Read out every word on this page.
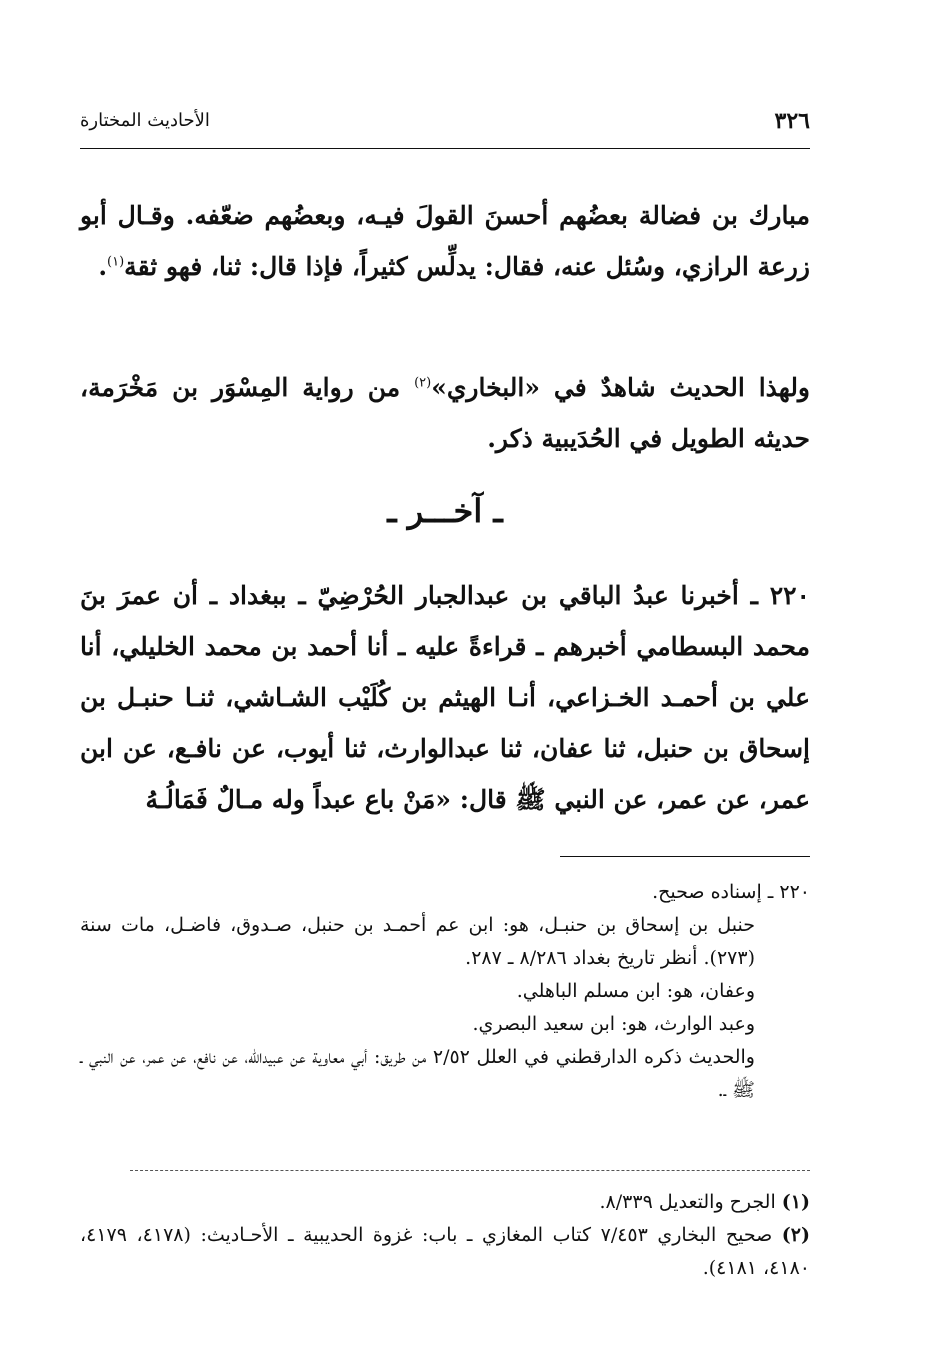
٣٢٦
الأحاديث المختارة
مبارك بن فضالة بعضُهم أحسنَ القولَ فيـه، وبعضُهم ضعّفه. وقـال أبو زرعة الرازي، وسُئل عنه، فقال: يدلِّس كثيراً، فإذا قال: ثنا، فهو ثقة$^{(١)}$.
ولهذا الحديث شاهدٌ في «البخاري»$^{(٢)}$ من رواية المِسْوَر بن مَخْرَمة، حديثه الطويل في الحُدَيبية ذكر.
ـ آخـــر ـ
٢٢٠ ـ أخبرنا عبدُ الباقي بن عبدالجبار الحُرْضِيّ ـ ببغداد ـ أن عمرَ بنَ محمد البسطامي أخبرهم ـ قراءةً عليه ـ أنا أحمد بن محمد الخليلي، أنا علي بن أحمـد الخـزاعي، أنـا الهيثم بن كُلَيْب الشـاشي، ثنـا حنبـل بن إسحاق بن حنبل، ثنا عفان، ثنا عبدالوارث، ثنا أيوب، عن نافـع، عن ابن عمر، عن عمر، عن النبي ﷺ قال: «مَنْ باع عبداً وله مـالٌ فَمَالُـهُ
٢٢٠ ـ إسناده صحيح.
حنبل بن إسحاق بن حنبـل، هو: ابن عم أحمـد بن حنبل، صـدوق، فاضـل، مات سنة (٢٧٣). أنظر تاريخ بغداد ٨/٢٨٦ ـ ٢٨٧.
وعفان، هو: ابن مسلم الباهلي.
وعبد الوارث، هو: ابن سعيد البصري.
والحديث ذكره الدارقطني في العلل ٢/٥٢ من طريق: أبي معاوية عن عبيدالله، عن نافع، عن عمر، عن النبي ـ ﷺ ـ.
(١) الجرح والتعديل ٨/٣٣٩.
(٢) صحيح البخاري ٧/٤٥٣ كتاب المغازي ـ باب: غزوة الحديبية ـ الأحـاديث: (٤١٧٨، ٤١٧٩، ٤١٨٠، ٤١٨١).
